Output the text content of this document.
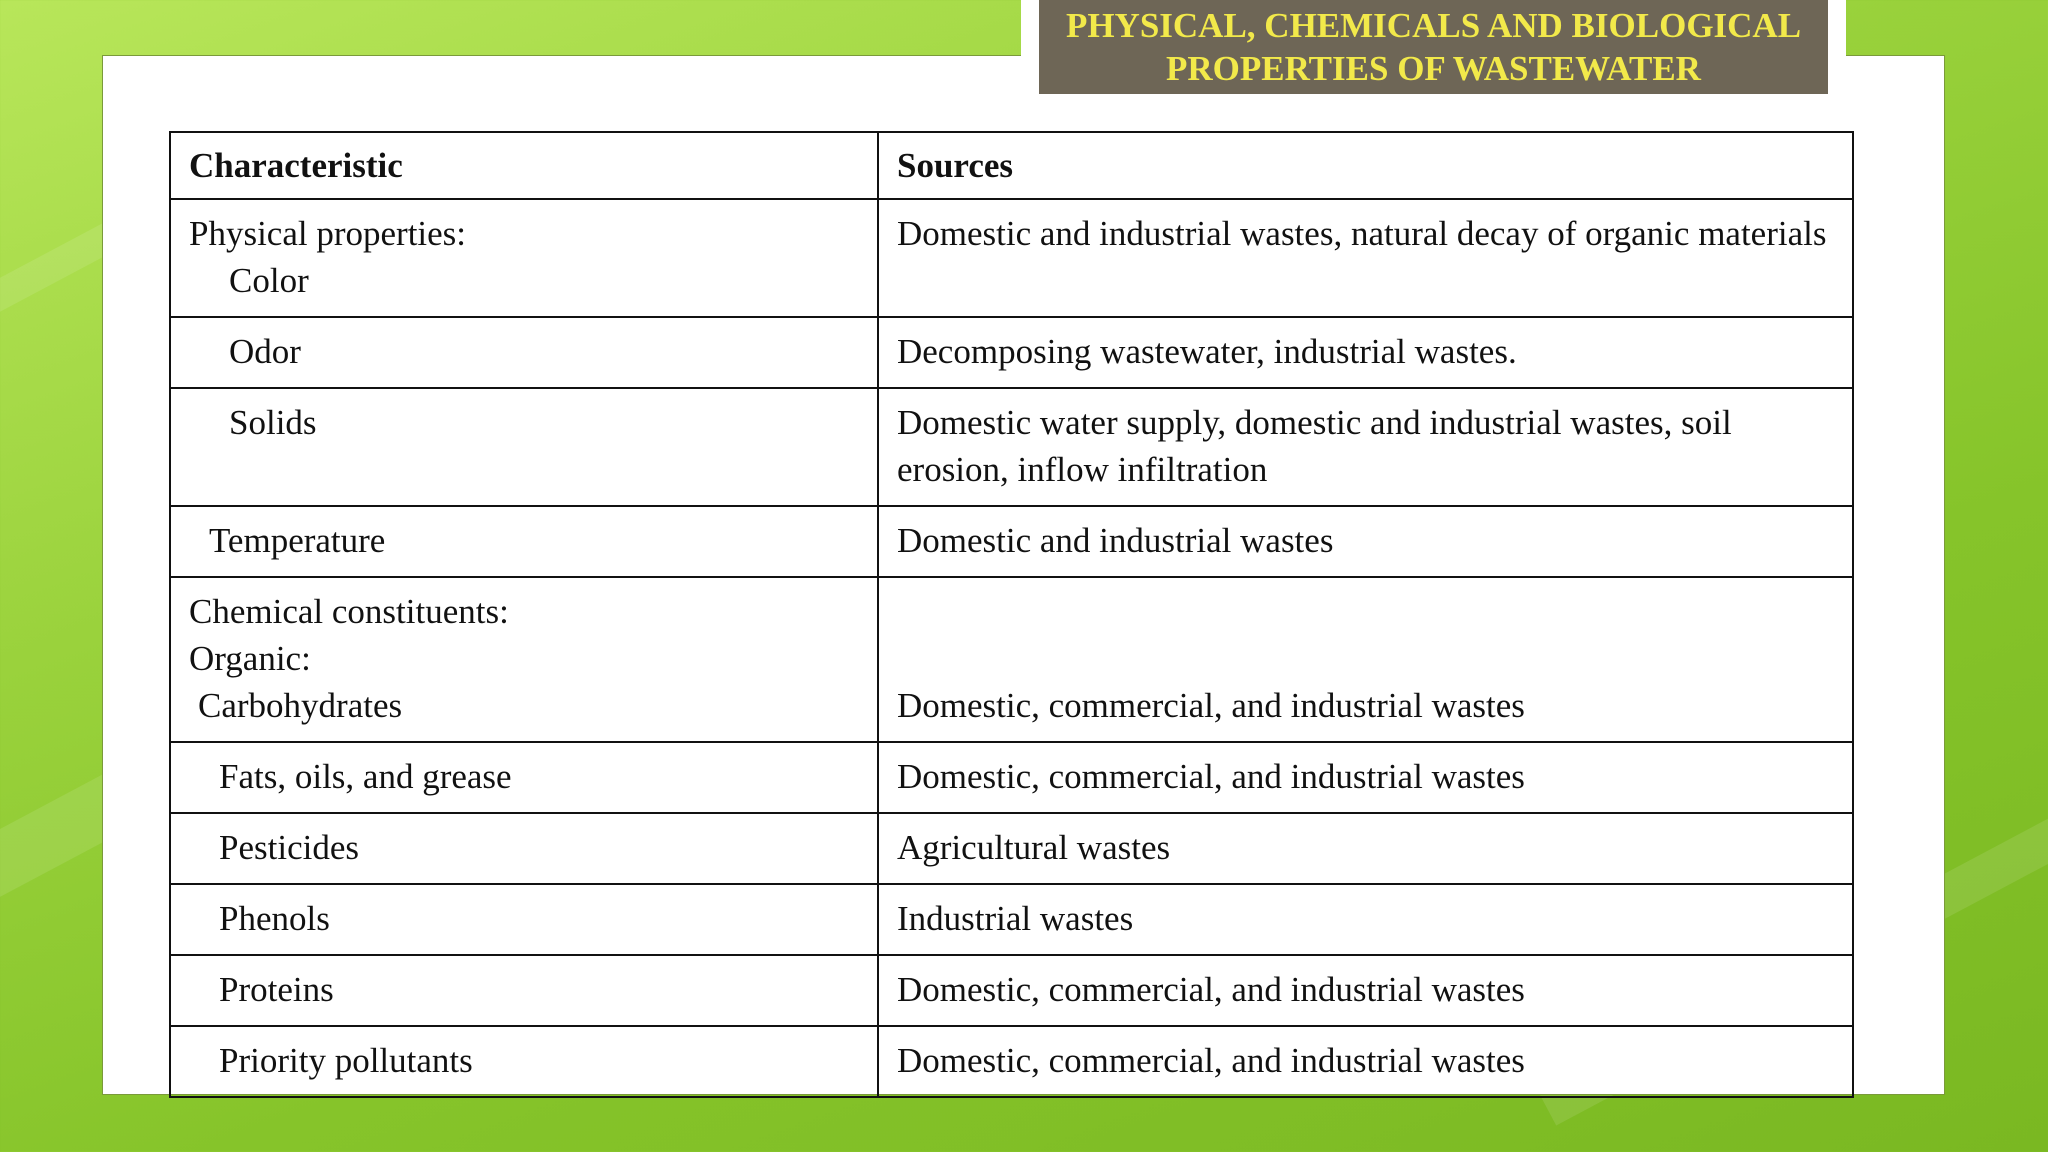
PHYSICAL, CHEMICALS AND BIOLOGICAL
PROPERTIES OF WASTEWATER
Characteristic	Sources

Physical properties:
Color	Domestic and industrial wastes, natural decay of organic materials

Odor	Decomposing wastewater, industrial wastes.

Solids	Domestic water supply, domestic and industrial wastes, soil erosion, inflow infiltration

Temperature	Domestic and industrial wastes

Chemical constituents:
Organic:
Carbohydrates	Domestic, commercial, and industrial wastes

Fats, oils, and grease	Domestic, commercial, and industrial wastes

Pesticides	Agricultural wastes

Phenols	Industrial wastes

Proteins	Domestic, commercial, and industrial wastes

Priority pollutants	Domestic, commercial, and industrial wastes
